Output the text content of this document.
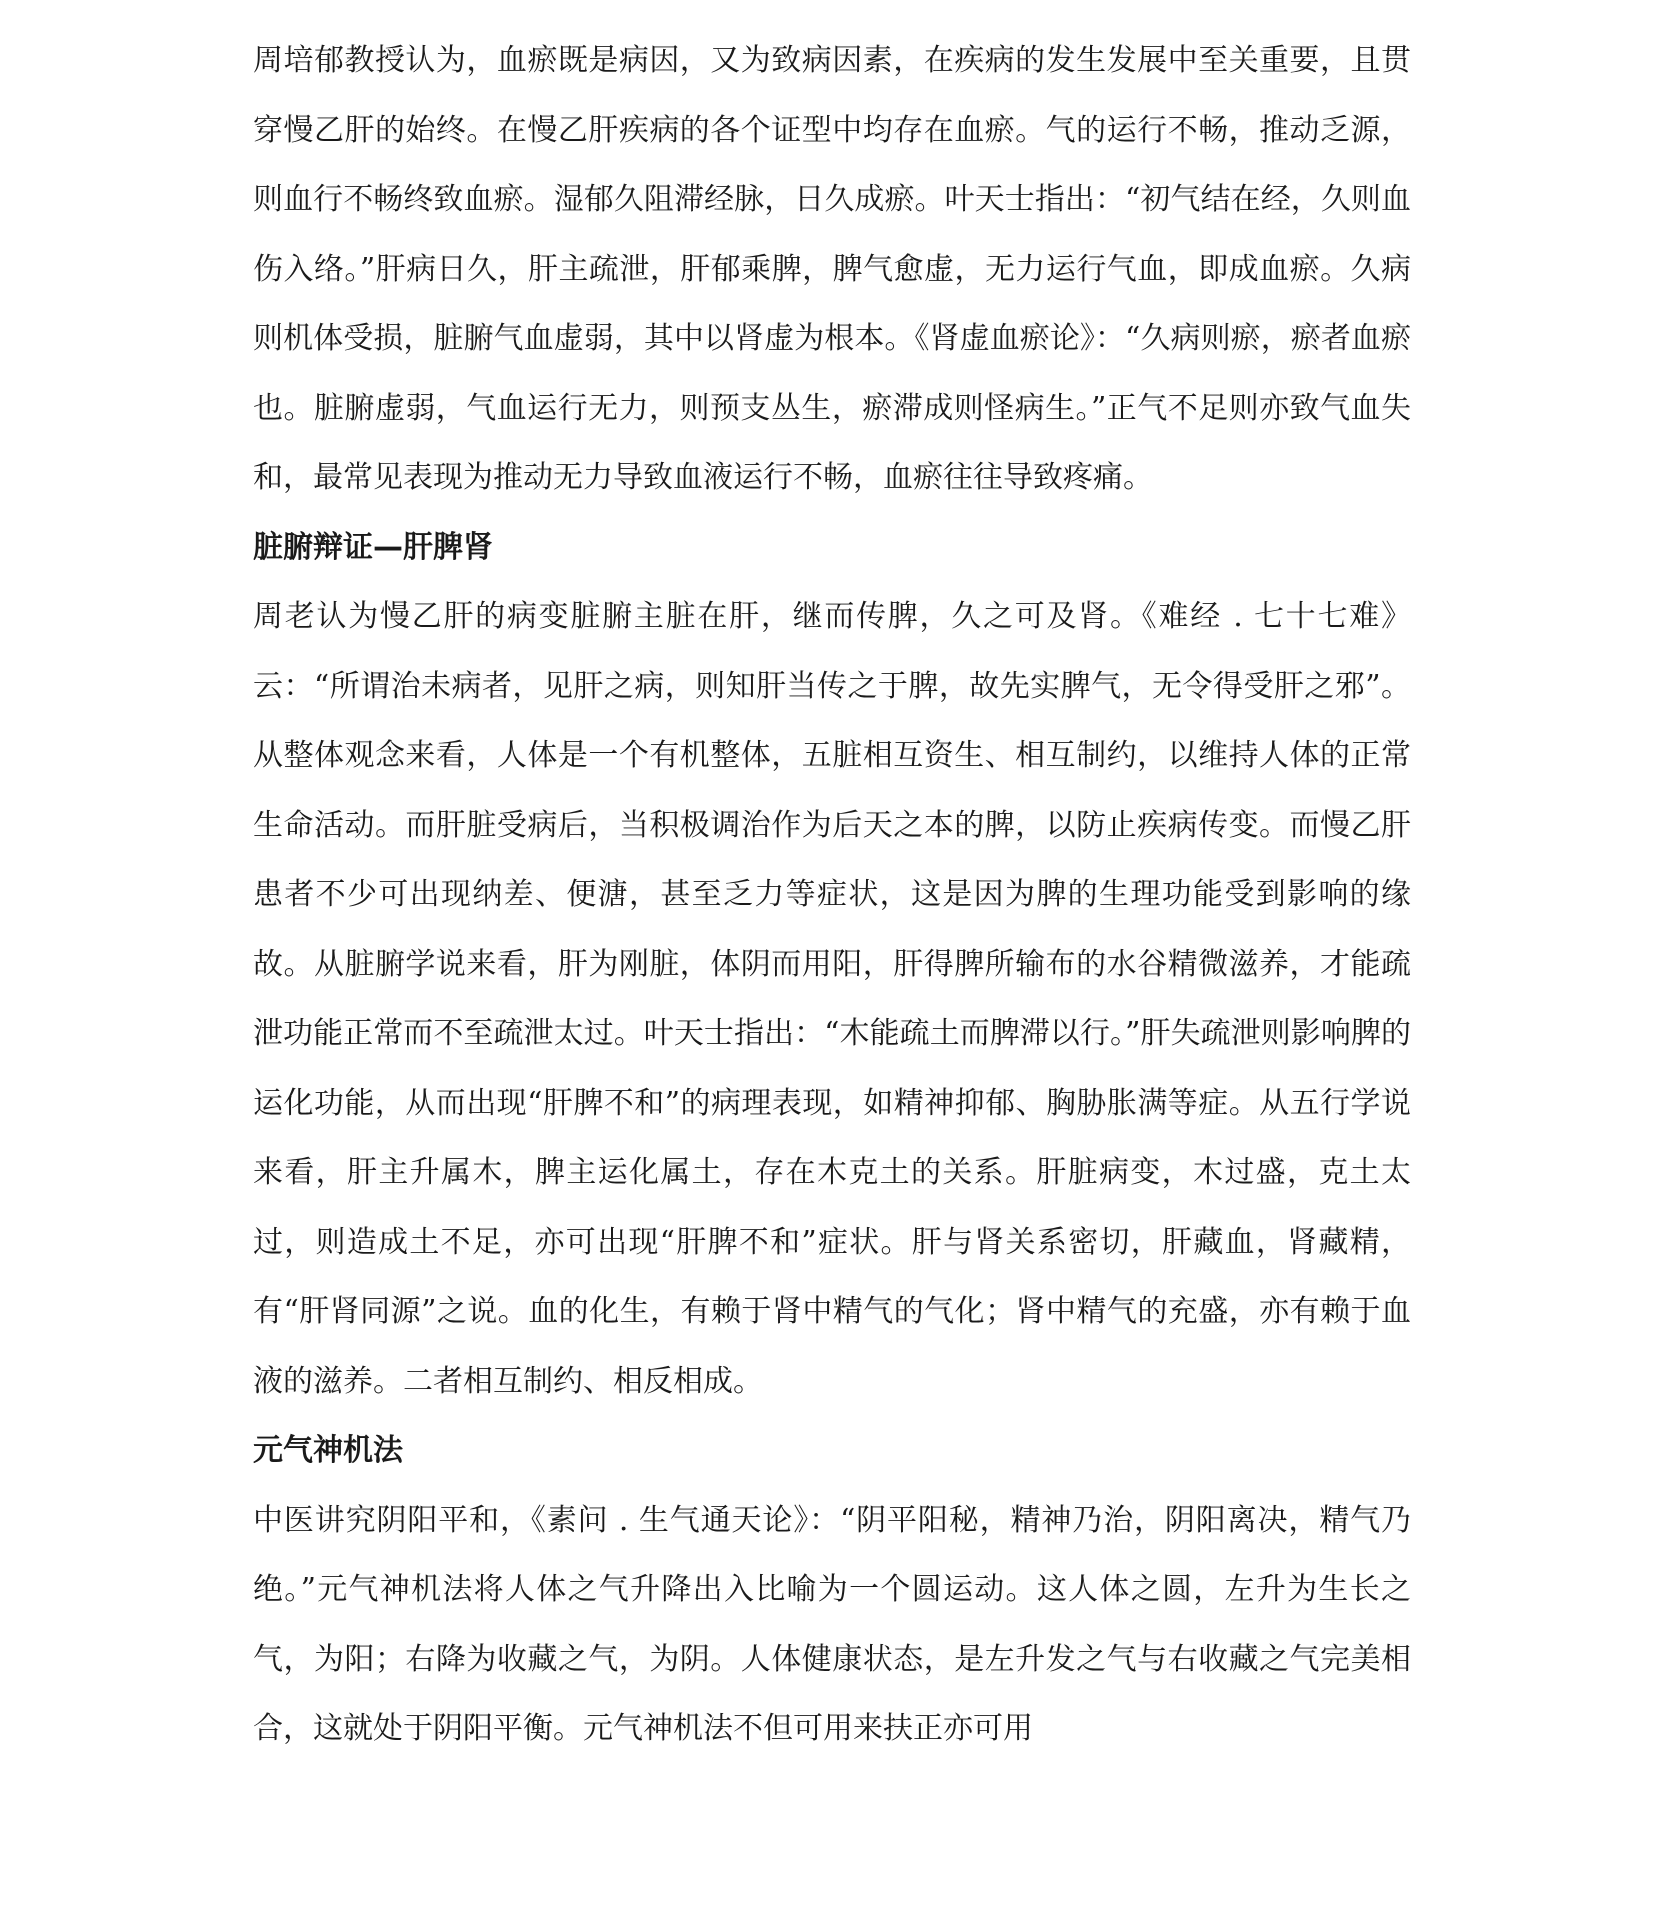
周培郁教授认为，血瘀既是病因，又为致病因素，在疾病的发生发展中至关重要，且贯穿慢乙肝的始终。在慢乙肝疾病的各个证型中均存在血瘀。气的运行不畅，推动乏源，则血行不畅终致血瘀。湿郁久阻滞经脉，日久成瘀。叶天士指出：“初气结在经，久则血伤入络。”肝病日久，肝主疏泄，肝郁乘脾，脾气愈虚，无力运行气血，即成血瘀。久病则机体受损，脏腑气血虚弱，其中以肾虚为根本。《肾虚血瘀论》：“久病则瘀，瘀者血瘀也。脏腑虚弱，气血运行无力，则预支丛生，瘀滞成则怪病生。”正气不足则亦致气血失和，最常见表现为推动无力导致血液运行不畅，血瘀往往导致疼痛。

脏腑辩证—肝脾肾

周老认为慢乙肝的病变脏腑主脏在肝，继而传脾，久之可及肾。《难经 . 七十七难》云：“所谓治未病者，见肝之病，则知肝当传之于脾，故先实脾气，无令得受肝之邪”。从整体观念来看，人体是一个有机整体，五脏相互资生、相互制约，以维持人体的正常生命活动。而肝脏受病后，当积极调治作为后天之本的脾，以防止疾病传变。而慢乙肝患者不少可出现纳差、便溏，甚至乏力等症状，这是因为脾的生理功能受到影响的缘故。从脏腑学说来看，肝为刚脏，体阴而用阳，肝得脾所输布的水谷精微滋养，才能疏泄功能正常而不至疏泄太过。叶天士指出：“木能疏土而脾滞以行。”肝失疏泄则影响脾的运化功能，从而出现“肝脾不和”的病理表现，如精神抑郁、胸胁胀满等症。从五行学说来看，肝主升属木，脾主运化属土，存在木克土的关系。肝脏病变，木过盛，克土太过，则造成土不足，亦可出现“肝脾不和”症状。肝与肾关系密切，肝藏血，肾藏精，有“肝肾同源”之说。血的化生，有赖于肾中精气的气化；肾中精气的充盛，亦有赖于血液的滋养。二者相互制约、相反相成。

元气神机法

中医讲究阴阳平和，《素问 . 生气通天论》：“阴平阳秘，精神乃治，阴阳离决，精气乃绝。”元气神机法将人体之气升降出入比喻为一个圆运动。这人体之圆，左升为生长之气，为阳；右降为收藏之气，为阴。人体健康状态，是左升发之气与右收藏之气完美相合，这就处于阴阳平衡。元气神机法不但可用来扶正亦可用
